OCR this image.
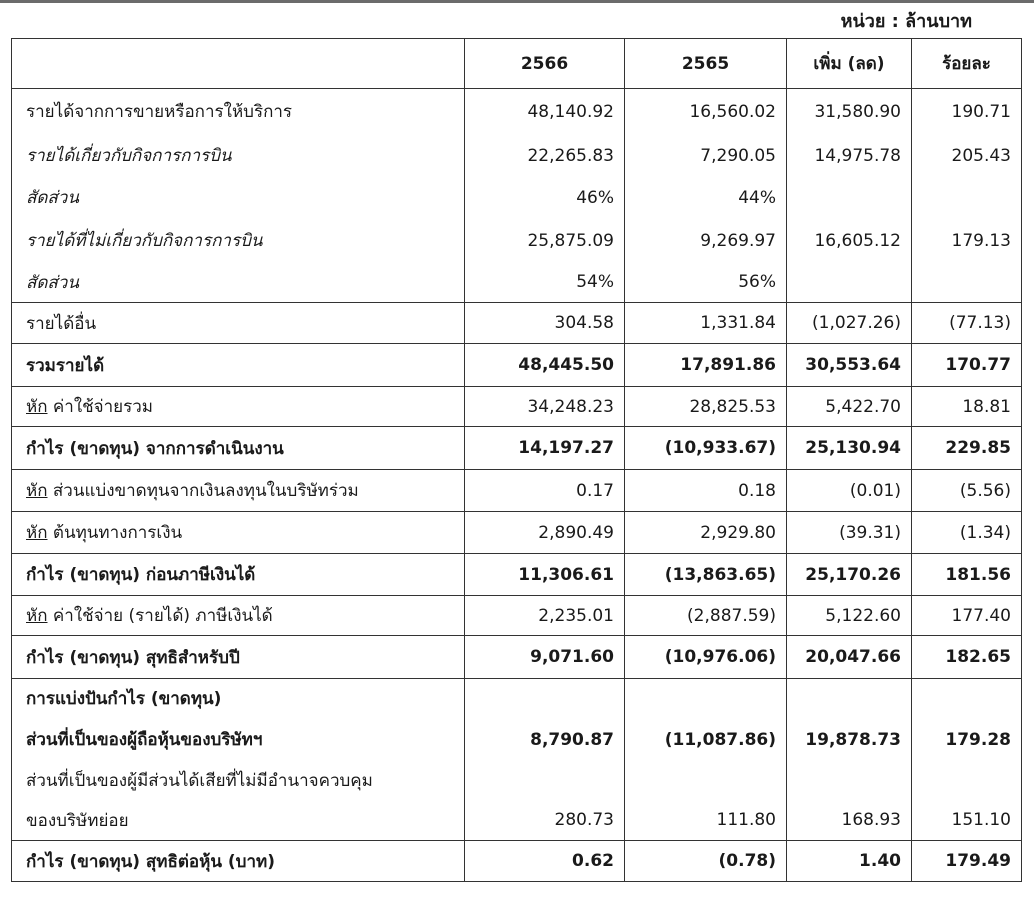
หน่วย : ล้านบาท
	2566	2565	เพิ่ม (ลด)	ร้อยละ
รายได้จากการขายหรือการให้บริการ	48,140.92	16,560.02	31,580.90	190.71
รายได้เกี่ยวกับกิจการการบิน	22,265.83	7,290.05	14,975.78	205.43
สัดส่วน	46%	44%		
รายได้ที่ไม่เกี่ยวกับกิจการการบิน	25,875.09	9,269.97	16,605.12	179.13
สัดส่วน	54%	56%		
รายได้อื่น	304.58	1,331.84	(1,027.26)	(77.13)
รวมรายได้	48,445.50	17,891.86	30,553.64	170.77
หัก ค่าใช้จ่ายรวม	34,248.23	28,825.53	5,422.70	18.81
กำไร (ขาดทุน) จากการดำเนินงาน	14,197.27	(10,933.67)	25,130.94	229.85
หัก ส่วนแบ่งขาดทุนจากเงินลงทุนในบริษัทร่วม	0.17	0.18	(0.01)	(5.56)
หัก ต้นทุนทางการเงิน	2,890.49	2,929.80	(39.31)	(1.34)
กำไร (ขาดทุน) ก่อนภาษีเงินได้	11,306.61	(13,863.65)	25,170.26	181.56
หัก ค่าใช้จ่าย (รายได้) ภาษีเงินได้	2,235.01	(2,887.59)	5,122.60	177.40
กำไร (ขาดทุน) สุทธิสำหรับปี	9,071.60	(10,976.06)	20,047.66	182.65
การแบ่งปันกำไร (ขาดทุน)				
ส่วนที่เป็นของผู้ถือหุ้นของบริษัทฯ	8,790.87	(11,087.86)	19,878.73	179.28
ส่วนที่เป็นของผู้มีส่วนได้เสียที่ไม่มีอำนาจควบคุม				
ของบริษัทย่อย	280.73	111.80	168.93	151.10
กำไร (ขาดทุน) สุทธิต่อหุ้น (บาท)	0.62	(0.78)	1.40	179.49
